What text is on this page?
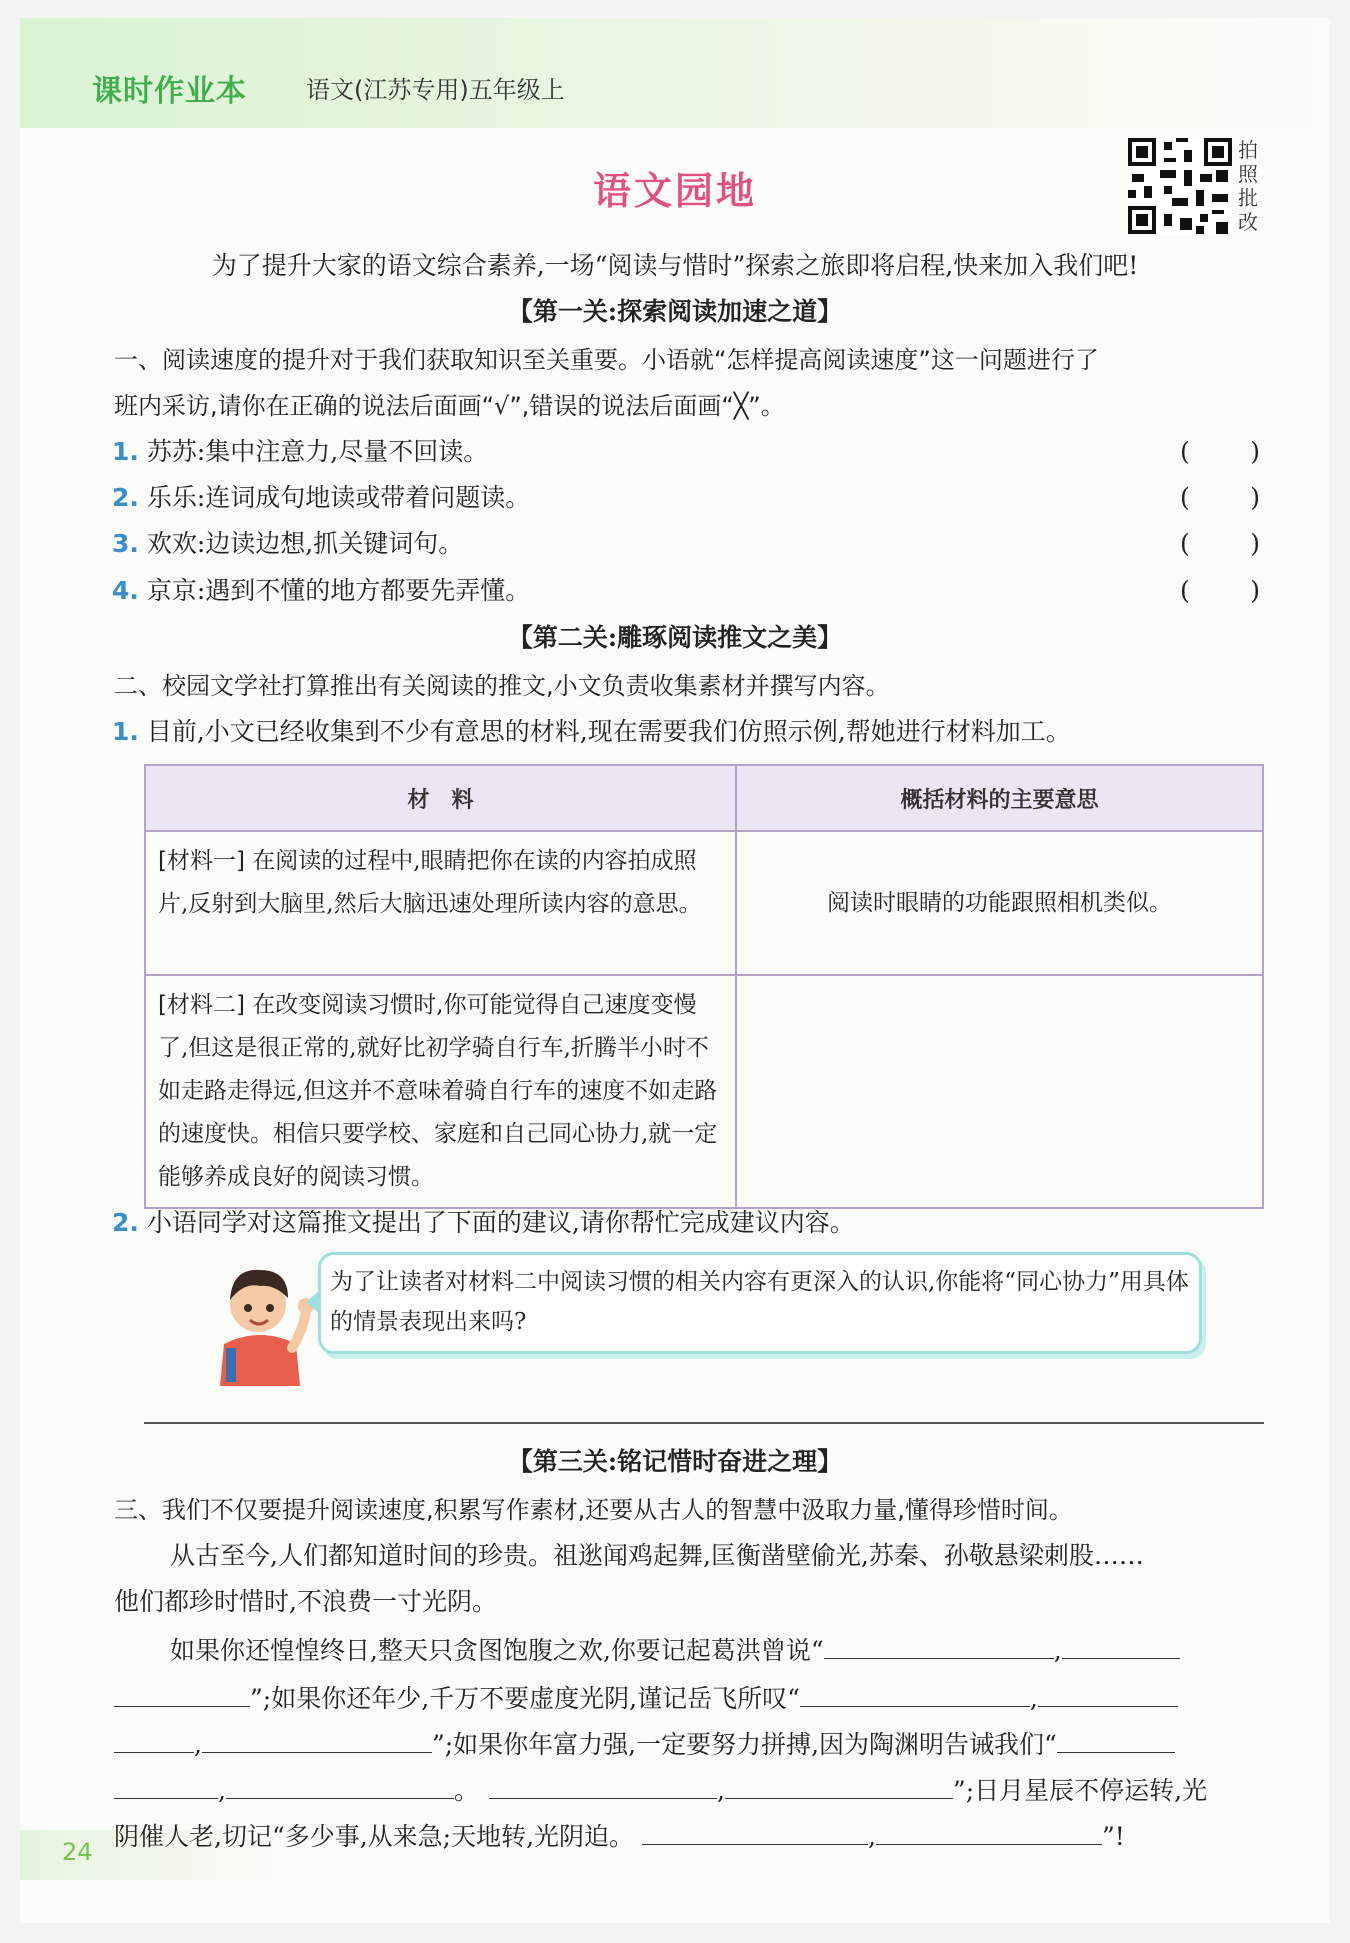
课时作业本 语文(江苏专用)五年级上
语文园地
拍照批改
为了提升大家的语文综合素养,一场“阅读与惜时”探索之旅即将启程,快来加入我们吧!
【第一关:探索阅读加速之道】
一、阅读速度的提升对于我们获取知识至关重要。小语就“怎样提高阅读速度”这一问题进行了
班内采访,请你在正确的说法后面画“√”,错误的说法后面画“╳”。
1. 苏苏:集中注意力,尽量不回读。	( )
2. 乐乐:连词成句地读或带着问题读。	( )
3. 欢欢:边读边想,抓关键词句。	( )
4. 京京:遇到不懂的地方都要先弄懂。	( )
【第二关:雕琢阅读推文之美】
二、校园文学社打算推出有关阅读的推文,小文负责收集素材并撰写内容。
1. 目前,小文已经收集到不少有意思的材料,现在需要我们仿照示例,帮她进行材料加工。
材　料	概括材料的主要意思
[材料一] 在阅读的过程中,眼睛把你在读的内容拍成照片,反射到大脑里,然后大脑迅速处理所读内容的意思。	阅读时眼睛的功能跟照相机类似。
[材料二] 在改变阅读习惯时,你可能觉得自己速度变慢了,但这是很正常的,就好比初学骑自行车,折腾半小时不如走路走得远,但这并不意味着骑自行车的速度不如走路的速度快。相信只要学校、家庭和自己同心协力,就一定能够养成良好的阅读习惯。	
2. 小语同学对这篇推文提出了下面的建议,请你帮忙完成建议内容。
为了让读者对材料二中阅读习惯的相关内容有更深入的认识,你能将“同心协力”用具体的情景表现出来吗?
【第三关:铭记惜时奋进之理】
三、我们不仅要提升阅读速度,积累写作素材,还要从古人的智慧中汲取力量,懂得珍惜时间。
从古至今,人们都知道时间的珍贵。祖逖闻鸡起舞,匡衡凿壁偷光,苏秦、孙敬悬梁刺股……
他们都珍时惜时,不浪费一寸光阴。
如果你还惶惶终日,整天只贪图饱腹之欢,你要记起葛洪曾说“	,
”;如果你还年少,千万不要虚度光阴,谨记岳飞所叹“	,
,	”;如果你年富力强,一定要努力拼搏,因为陶渊明告诫我们“
,	。	,	”;日月星辰不停运转,光
阴催人老,切记“多少事,从来急;天地转,光阴迫。	,	”!
24
